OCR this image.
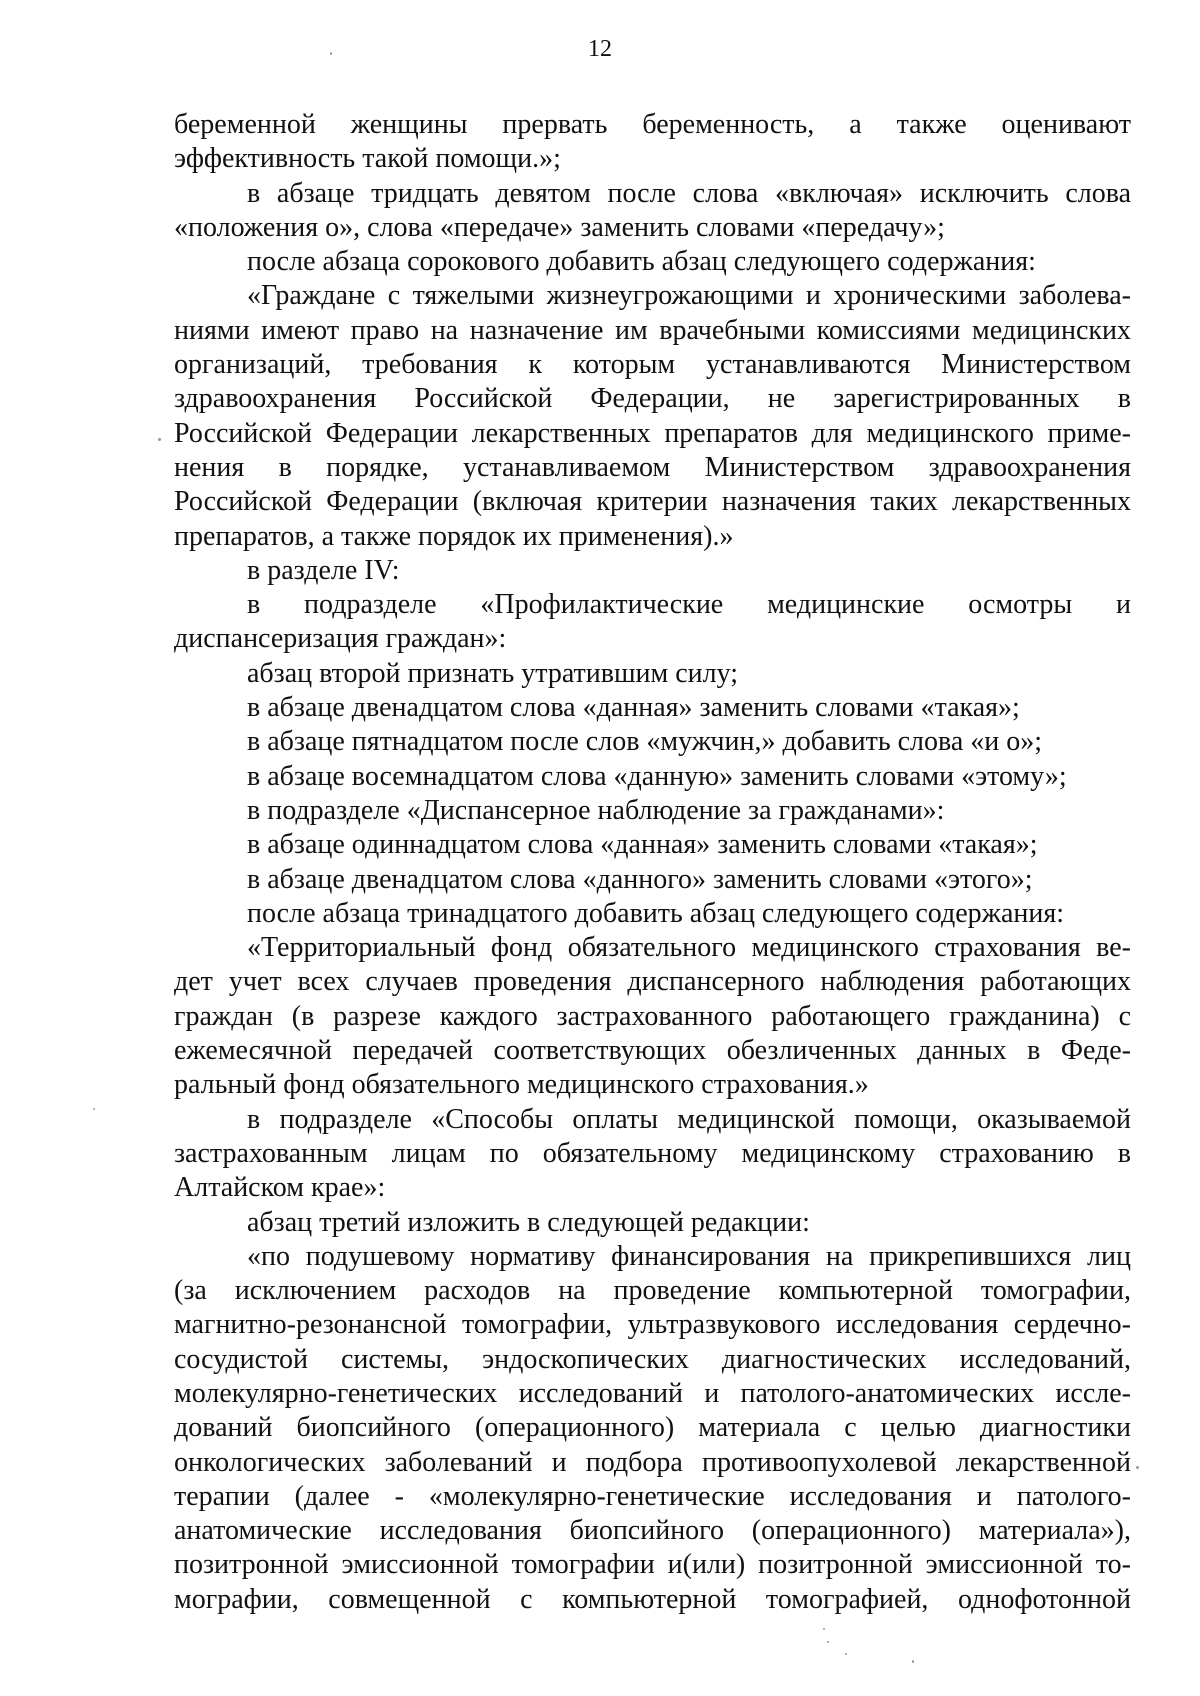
12

беременной женщины прервать беременность, а также оценивают
эффективность такой помощи.»;

в абзаце тридцать девятом после слова «включая» исключить слова
«положения о», слова «передаче» заменить словами «передачу»;

после абзаца сорокового добавить абзац следующего содержания:

«Граждане с тяжелыми жизнеугрожающими и хроническими заболева-
ниями имеют право на назначение им врачебными комиссиями медицинских
организаций, требования к которым устанавливаются Министерством
здравоохранения Российской Федерации, не зарегистрированных в
Российской Федерации лекарственных препаратов для медицинского приме-
нения в порядке, устанавливаемом Министерством здравоохранения
Российской Федерации (включая критерии назначения таких лекарственных
препаратов, а также порядок их применения).»

в разделе IV:

в подразделе «Профилактические медицинские осмотры и
диспансеризация граждан»:

абзац второй признать утратившим силу;

в абзаце двенадцатом слова «данная» заменить словами «такая»;

в абзаце пятнадцатом после слов «мужчин,» добавить слова «и о»;

в абзаце восемнадцатом слова «данную» заменить словами «этому»;

в подразделе «Диспансерное наблюдение за гражданами»:

в абзаце одиннадцатом слова «данная» заменить словами «такая»;

в абзаце двенадцатом слова «данного» заменить словами «этого»;

после абзаца тринадцатого добавить абзац следующего содержания:

«Территориальный фонд обязательного медицинского страхования ве-
дет учет всех случаев проведения диспансерного наблюдения работающих
граждан (в разрезе каждого застрахованного работающего гражданина) с
ежемесячной передачей соответствующих обезличенных данных в Феде-
ральный фонд обязательного медицинского страхования.»

в подразделе «Способы оплаты медицинской помощи, оказываемой
застрахованным лицам по обязательному медицинскому страхованию в
Алтайском крае»:

абзац третий изложить в следующей редакции:

«по подушевому нормативу финансирования на прикрепившихся лиц
(за исключением расходов на проведение компьютерной томографии,
магнитно-резонансной томографии, ультразвукового исследования сердечно-
сосудистой системы, эндоскопических диагностических исследований,
молекулярно-генетических исследований и патолого-анатомических иссле-
дований биопсийного (операционного) материала с целью диагностики
онкологических заболеваний и подбора противоопухолевой лекарственной
терапии (далее - «молекулярно-генетические исследования и патолого-
анатомические исследования биопсийного (операционного) материала»),
позитронной эмиссионной томографии и(или) позитронной эмиссионной то-
мографии, совмещенной с компьютерной томографией, однофотонной
